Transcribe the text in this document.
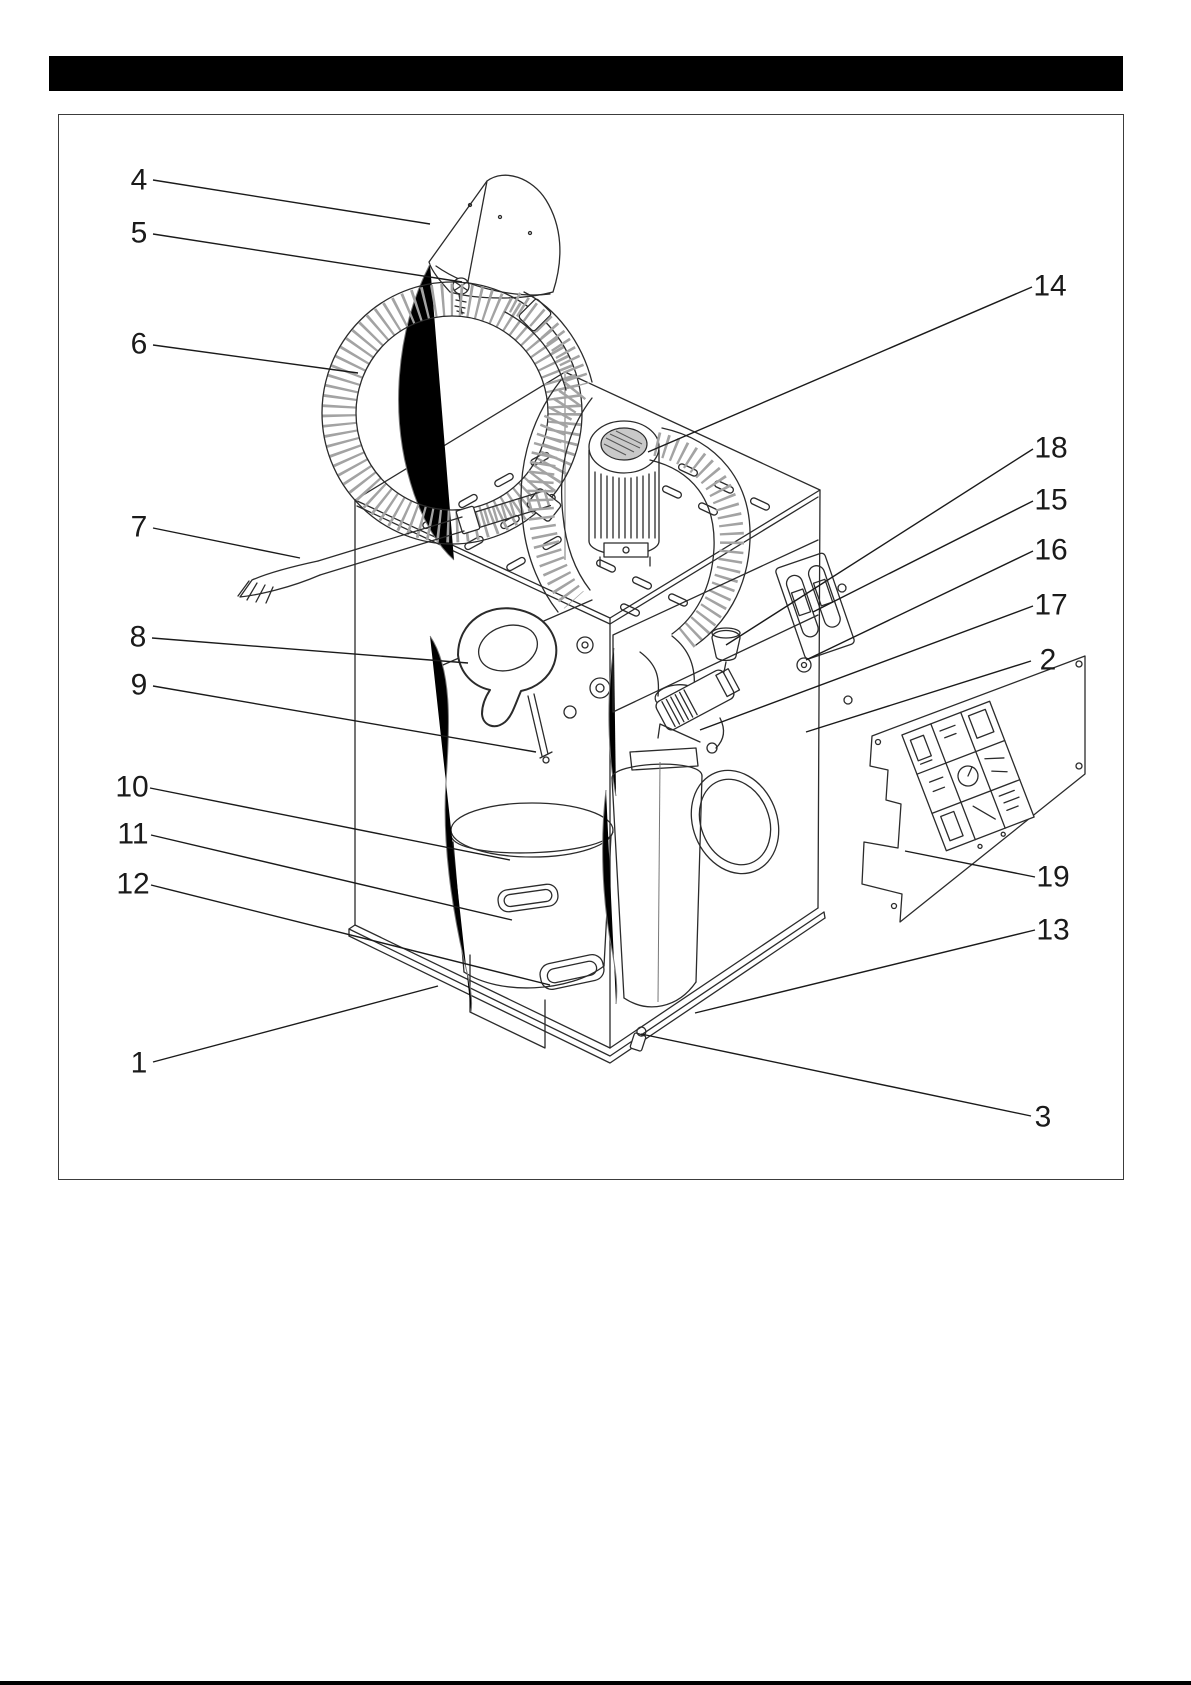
4
5
6
7
8
9
10
11
12
1
14
18
15
16
17
2
19
13
3
